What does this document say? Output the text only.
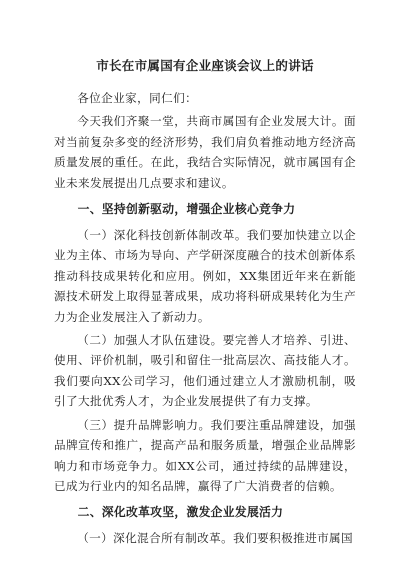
市长在市属国有企业座谈会议上的讲话
各位企业家，同仁们：
今天我们齐聚一堂，共商市属国有企业发展大计。面对当前复杂多变的经济形势，我们肩负着推动地方经济高质量发展的重任。在此，我结合实际情况，就市属国有企业未来发展提出几点要求和建议。
一、坚持创新驱动，增强企业核心竞争力
（一）深化科技创新体制改革。我们要加快建立以企业为主体、市场为导向、产学研深度融合的技术创新体系推动科技成果转化和应用。例如，XX集团近年来在新能源技术研发上取得显著成果，成功将科研成果转化为生产力为企业发展注入了新动力。
（二）加强人才队伍建设。要完善人才培养、引进、使用、评价机制，吸引和留住一批高层次、高技能人才。我们要向XX公司学习，他们通过建立人才激励机制，吸引了大批优秀人才，为企业发展提供了有力支撑。
（三）提升品牌影响力。我们要注重品牌建设，加强品牌宣传和推广，提高产品和服务质量，增强企业品牌影响力和市场竞争力。如XX公司，通过持续的品牌建设，已成为行业内的知名品牌，赢得了广大消费者的信赖。
二、深化改革攻坚，激发企业发展活力
（一）深化混合所有制改革。我们要积极推进市属国
